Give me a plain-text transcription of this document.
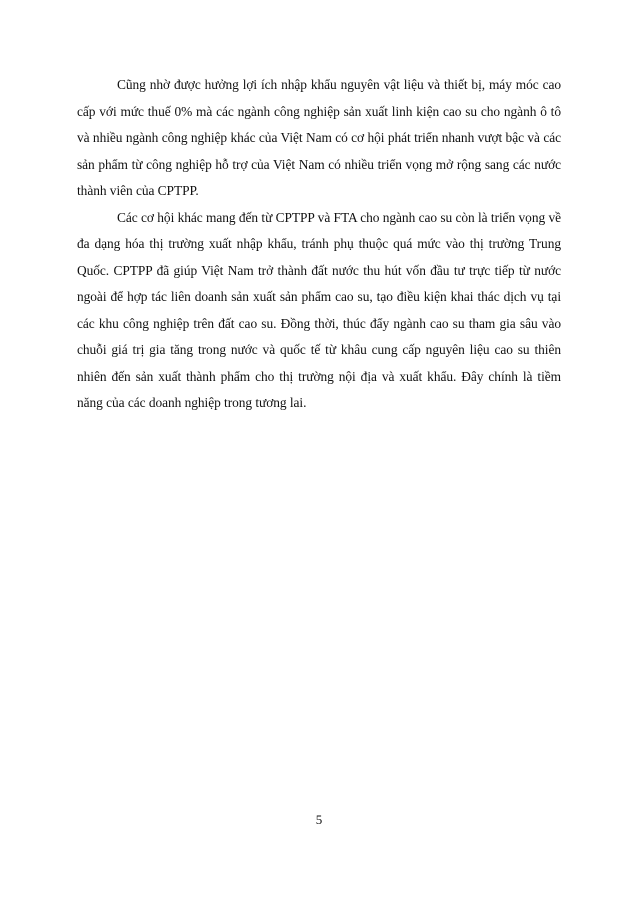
Cũng nhờ được hưởng lợi ích nhập khẩu nguyên vật liệu và thiết bị, máy móc cao cấp với mức thuế 0% mà các ngành công nghiệp sản xuất linh kiện cao su cho ngành ô tô và nhiều ngành công nghiệp khác của Việt Nam có cơ hội phát triển nhanh vượt bậc và các sản phẩm từ công nghiệp hỗ trợ của Việt Nam có nhiều triển vọng mở rộng sang các nước thành viên của CPTPP.

Các cơ hội khác mang đến từ CPTPP và FTA cho ngành cao su còn là triển vọng về đa dạng hóa thị trường xuất nhập khẩu, tránh phụ thuộc quá mức vào thị trường Trung Quốc. CPTPP đã giúp Việt Nam trở thành đất nước thu hút vốn đầu tư trực tiếp từ nước ngoài để hợp tác liên doanh sản xuất sản phẩm cao su, tạo điều kiện khai thác dịch vụ tại các khu công nghiệp trên đất cao su. Đồng thời, thúc đẩy ngành cao su tham gia sâu vào chuỗi giá trị gia tăng trong nước và quốc tế từ khâu cung cấp nguyên liệu cao su thiên nhiên đến sản xuất thành phẩm cho thị trường nội địa và xuất khẩu. Đây chính là tiềm năng của các doanh nghiệp trong tương lai.

5
